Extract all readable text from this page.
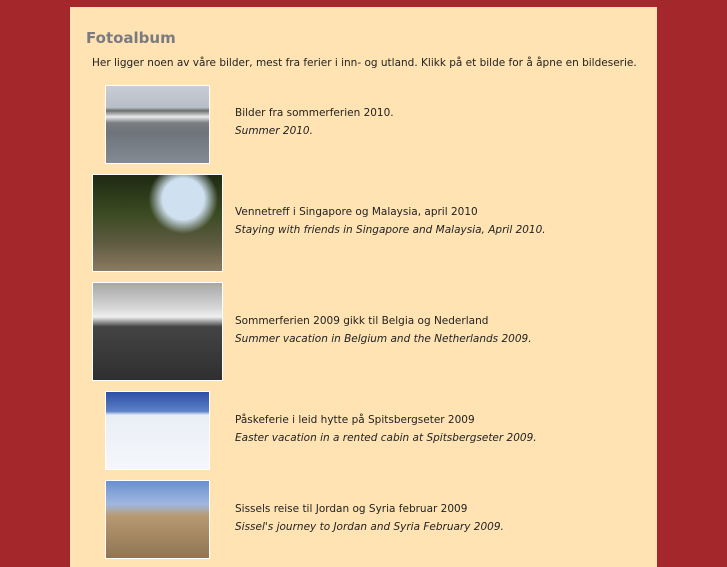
Fotoalbum
Her ligger noen av våre bilder, mest fra ferier i inn- og utland. Klikk på et bilde for å åpne en bildeserie.
Bilder fra sommerferien 2010.
Summer 2010.
Vennetreff i Singapore og Malaysia, april 2010
Staying with friends in Singapore and Malaysia, April 2010.
Sommerferien 2009 gikk til Belgia og Nederland
Summer vacation in Belgium and the Netherlands 2009.
Påskeferie i leid hytte på Spitsbergseter 2009
Easter vacation in a rented cabin at Spitsbergseter 2009.
Sissels reise til Jordan og Syria februar 2009
Sissel's journey to Jordan and Syria February 2009.
